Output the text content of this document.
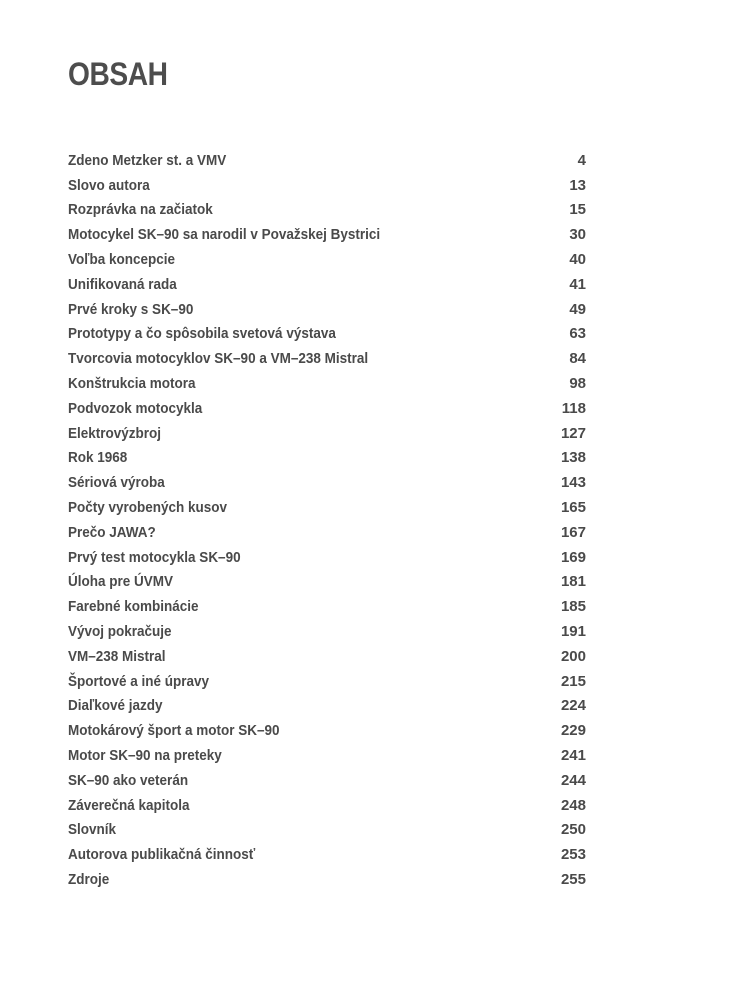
OBSAH
Zdeno Metzker st. a VMV	4
Slovo autora	13
Rozprávka na začiatok	15
Motocykel SK–90 sa narodil v Považskej Bystrici	30
Voľba koncepcie	40
Unifikovaná rada	41
Prvé kroky s SK–90	49
Prototypy a čo spôsobila svetová výstava	63
Tvorcovia motocyklov SK–90 a VM–238 Mistral	84
Konštrukcia motora	98
Podvozok motocykla	118
Elektrovýzbroj	127
Rok 1968	138
Sériová výroba	143
Počty vyrobených kusov	165
Prečo JAWA?	167
Prvý test motocykla SK–90	169
Úloha pre ÚVMV	181
Farebné kombinácie	185
Vývoj pokračuje	191
VM–238 Mistral	200
Športové a iné úpravy	215
Diaľkové jazdy	224
Motokárový šport a motor SK–90	229
Motor SK–90 na preteky	241
SK–90 ako veterán	244
Záverečná kapitola	248
Slovník	250
Autorova publikačná činnosť	253
Zdroje	255
